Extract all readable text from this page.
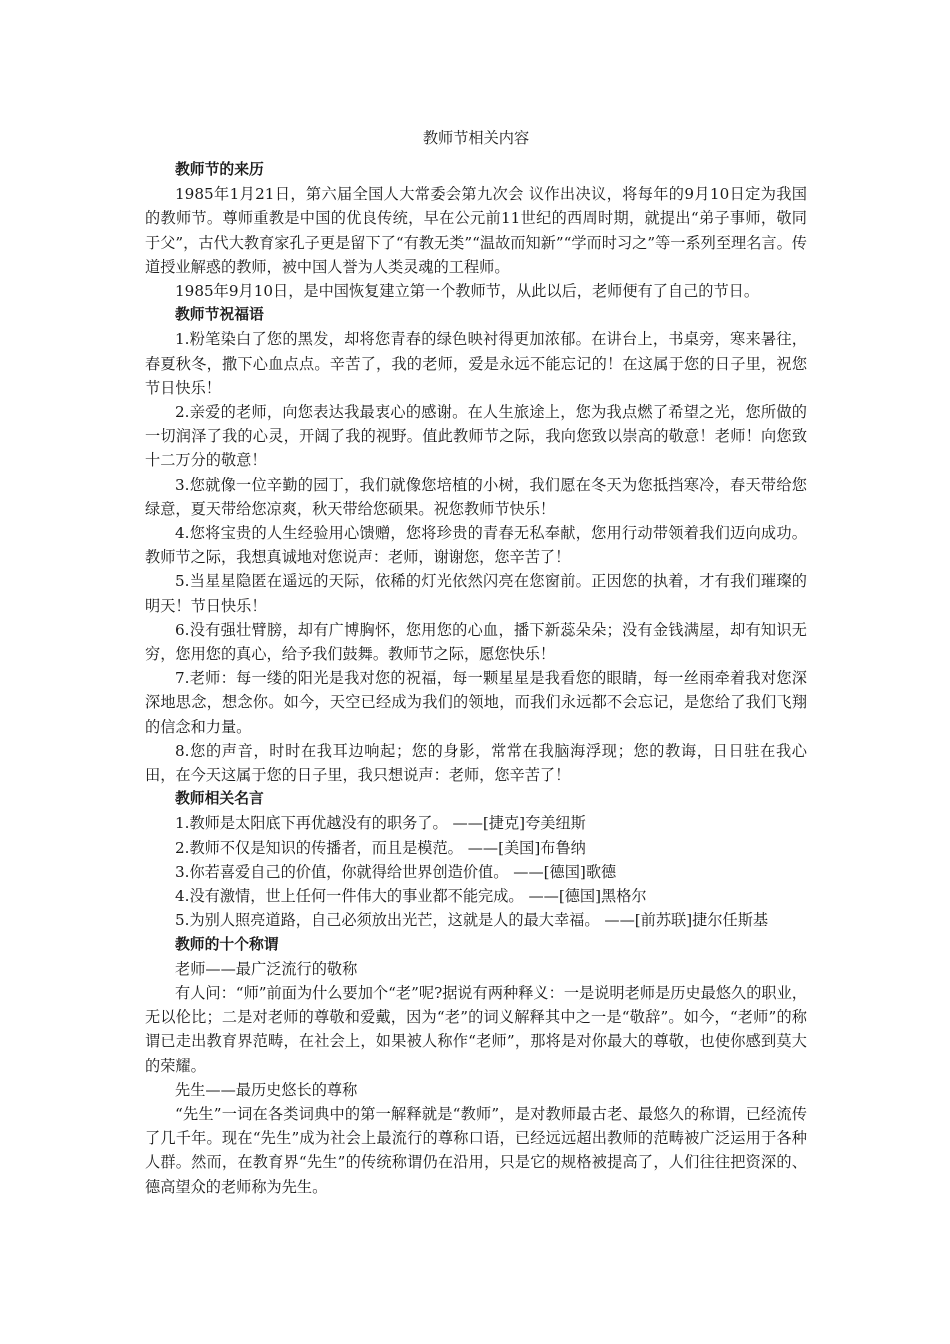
教师节相关内容
教师节的来历

1985年1月21日，第六届全国人大常委会第九次会 议作出决议，将每年的9月10日定为我国的教师节。尊师重教是中国的优良传统，早在公元前11世纪的西周时期，就提出“弟子事师，敬同于父”，古代大教育家孔子更是留下了“有教无类”“温故而知新”“学而时习之”等一系列至理名言。传道授业解惑的教师，被中国人誉为人类灵魂的工程师。

1985年9月10日，是中国恢复建立第一个教师节，从此以后，老师便有了自己的节日。

教师节祝福语

1.粉笔染白了您的黑发，却将您青春的绿色映衬得更加浓郁。在讲台上，书桌旁，寒来暑往，春夏秋冬，撒下心血点点。辛苦了，我的老师，爱是永远不能忘记的！在这属于您的日子里，祝您节日快乐！

2.亲爱的老师，向您表达我最衷心的感谢。在人生旅途上，您为我点燃了希望之光，您所做的一切润泽了我的心灵，开阔了我的视野。值此教师节之际，我向您致以崇高的敬意！老师！向您致十二万分的敬意！

3.您就像一位辛勤的园丁，我们就像您培植的小树，我们愿在冬天为您抵挡寒冷，春天带给您绿意，夏天带给您凉爽，秋天带给您硕果。祝您教师节快乐！

4.您将宝贵的人生经验用心馈赠，您将珍贵的青春无私奉献，您用行动带领着我们迈向成功。教师节之际，我想真诚地对您说声：老师，谢谢您，您辛苦了！

5.当星星隐匿在遥远的天际，依稀的灯光依然闪亮在您窗前。正因您的执着，才有我们璀璨的明天！节日快乐！

6.没有强壮臂膀，却有广博胸怀，您用您的心血，播下新蕊朵朵；没有金钱满屋，却有知识无穷，您用您的真心，给予我们鼓舞。教师节之际，愿您快乐！

7.老师：每一缕的阳光是我对您的祝福，每一颗星星是我看您的眼睛，每一丝雨牵着我对您深深地思念，想念你。如今，天空已经成为我们的领地，而我们永远都不会忘记，是您给了我们飞翔的信念和力量。

8.您的声音，时时在我耳边响起；您的身影，常常在我脑海浮现；您的教诲，日日驻在我心田，在今天这属于您的日子里，我只想说声：老师，您辛苦了！

教师相关名言
1.教师是太阳底下再优越没有的职务了。 ——[捷克]夸美纽斯
2.教师不仅是知识的传播者，而且是模范。 ——[美国]布鲁纳
3.你若喜爱自己的价值，你就得给世界创造价值。 ——[德国]歌德
4.没有激情，世上任何一件伟大的事业都不能完成。 ——[德国]黑格尔
5.为别人照亮道路，自己必须放出光芒，这就是人的最大幸福。 ——[前苏联]捷尔任斯基
教师的十个称谓
老师——最广泛流行的敬称

有人问：“师”前面为什么要加个“老”呢?据说有两种释义：一是说明老师是历史最悠久的职业，无以伦比；二是对老师的尊敬和爱戴，因为“老”的词义解释其中之一是“敬辞”。如今，“老师”的称谓已走出教育界范畴，在社会上，如果被人称作“老师”，那将是对你最大的尊敬，也使你感到莫大的荣耀。

先生——最历史悠长的尊称

“先生”一词在各类词典中的第一解释就是“教师”，是对教师最古老、最悠久的称谓，已经流传了几千年。现在“先生”成为社会上最流行的尊称口语，已经远远超出教师的范畴被广泛运用于各种人群。然而，在教育界“先生”的传统称谓仍在沿用，只是它的规格被提高了，人们往往把资深的、德高望众的老师称为先生。
